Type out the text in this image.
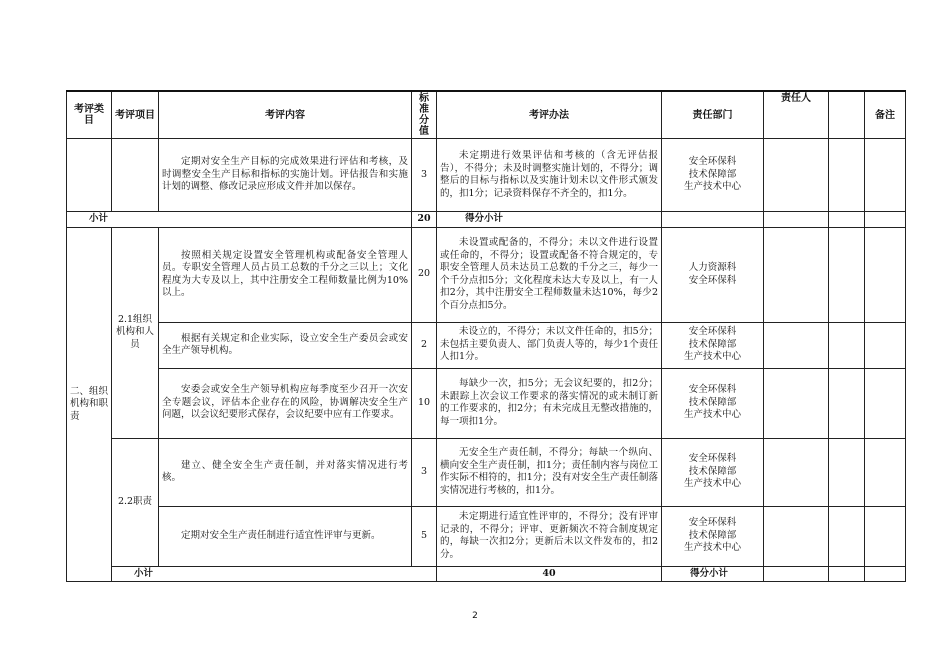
考评类目	考评项目	考评内容	标准分值	考评办法	责任部门	责任人		备注	
		定期对安全生产目标的完成效果进行评估和考核，及时调整安全生产目标和指标的实施计划。评估报告和实施计划的调整、修改记录应形成文件并加以保存。	3	未定期进行效果评估和考核的（含无评估报告），不得分；未及时调整实施计划的，不得分；调整后的目标与指标以及实施计划未以文件形式颁发的，扣1分；记录资料保存不齐全的，扣1分。	安全环保科
技术保障部
生产技术中心				

小计			20	得分小计					
二、组织机构和职责	2.1组织机构和人员	按照相关规定设置安全管理机构或配备安全管理人员。专职安全管理人员占员工总数的千分之三以上；文化程度为大专及以上，其中注册安全工程师数量比例为10%以上。	20	未设置或配备的，不得分；未以文件进行设置或任命的，不得分；设置或配备不符合规定的，专职安全管理人员未达员工总数的千分之三，每少一个千分点扣5分；文化程度未达大专及以上，有一人扣2分，其中注册安全工程师数量未达10%，每少2个百分点扣5分。	人力资源科
安全环保科				

		根据有关规定和企业实际，设立安全生产委员会或安全生产领导机构。	2	未设立的，不得分；未以文件任命的，扣5分；未包括主要负责人、部门负责人等的，每少1个责任人扣1分。	安全环保科
技术保障部
生产技术中心				

		安委会或安全生产领导机构应每季度至少召开一次安全专题会议，评估本企业存在的风险，协调解决安全生产问题，以会议纪要形式保存，会议纪要中应有工作要求。	10	每缺少一次，扣5分；无会议纪要的，扣2分；未跟踪上次会议工作要求的落实情况的或未制订新的工作要求的，扣2分；有未完成且无整改措施的，每一项扣1分。	安全环保科
技术保障部
生产技术中心				

	2.2职责	建立、健全安全生产责任制，并对落实情况进行考核。	3	无安全生产责任制，不得分；每缺一个纵向、横向安全生产责任制，扣1分；责任制内容与岗位工作实际不相符的，扣1分；没有对安全生产责任制落实情况进行考核的，扣1分。	安全环保科
技术保障部
生产技术中心				

		定期对安全生产责任制进行适宜性评审与更新。	5	未定期进行适宜性评审的，不得分；没有评审记录的，不得分；评审、更新频次不符合制度规定的，每缺一次扣2分；更新后未以文件发布的，扣2分。	安全环保科
技术保障部
生产技术中心				

	小计			40	得分小计				
2
